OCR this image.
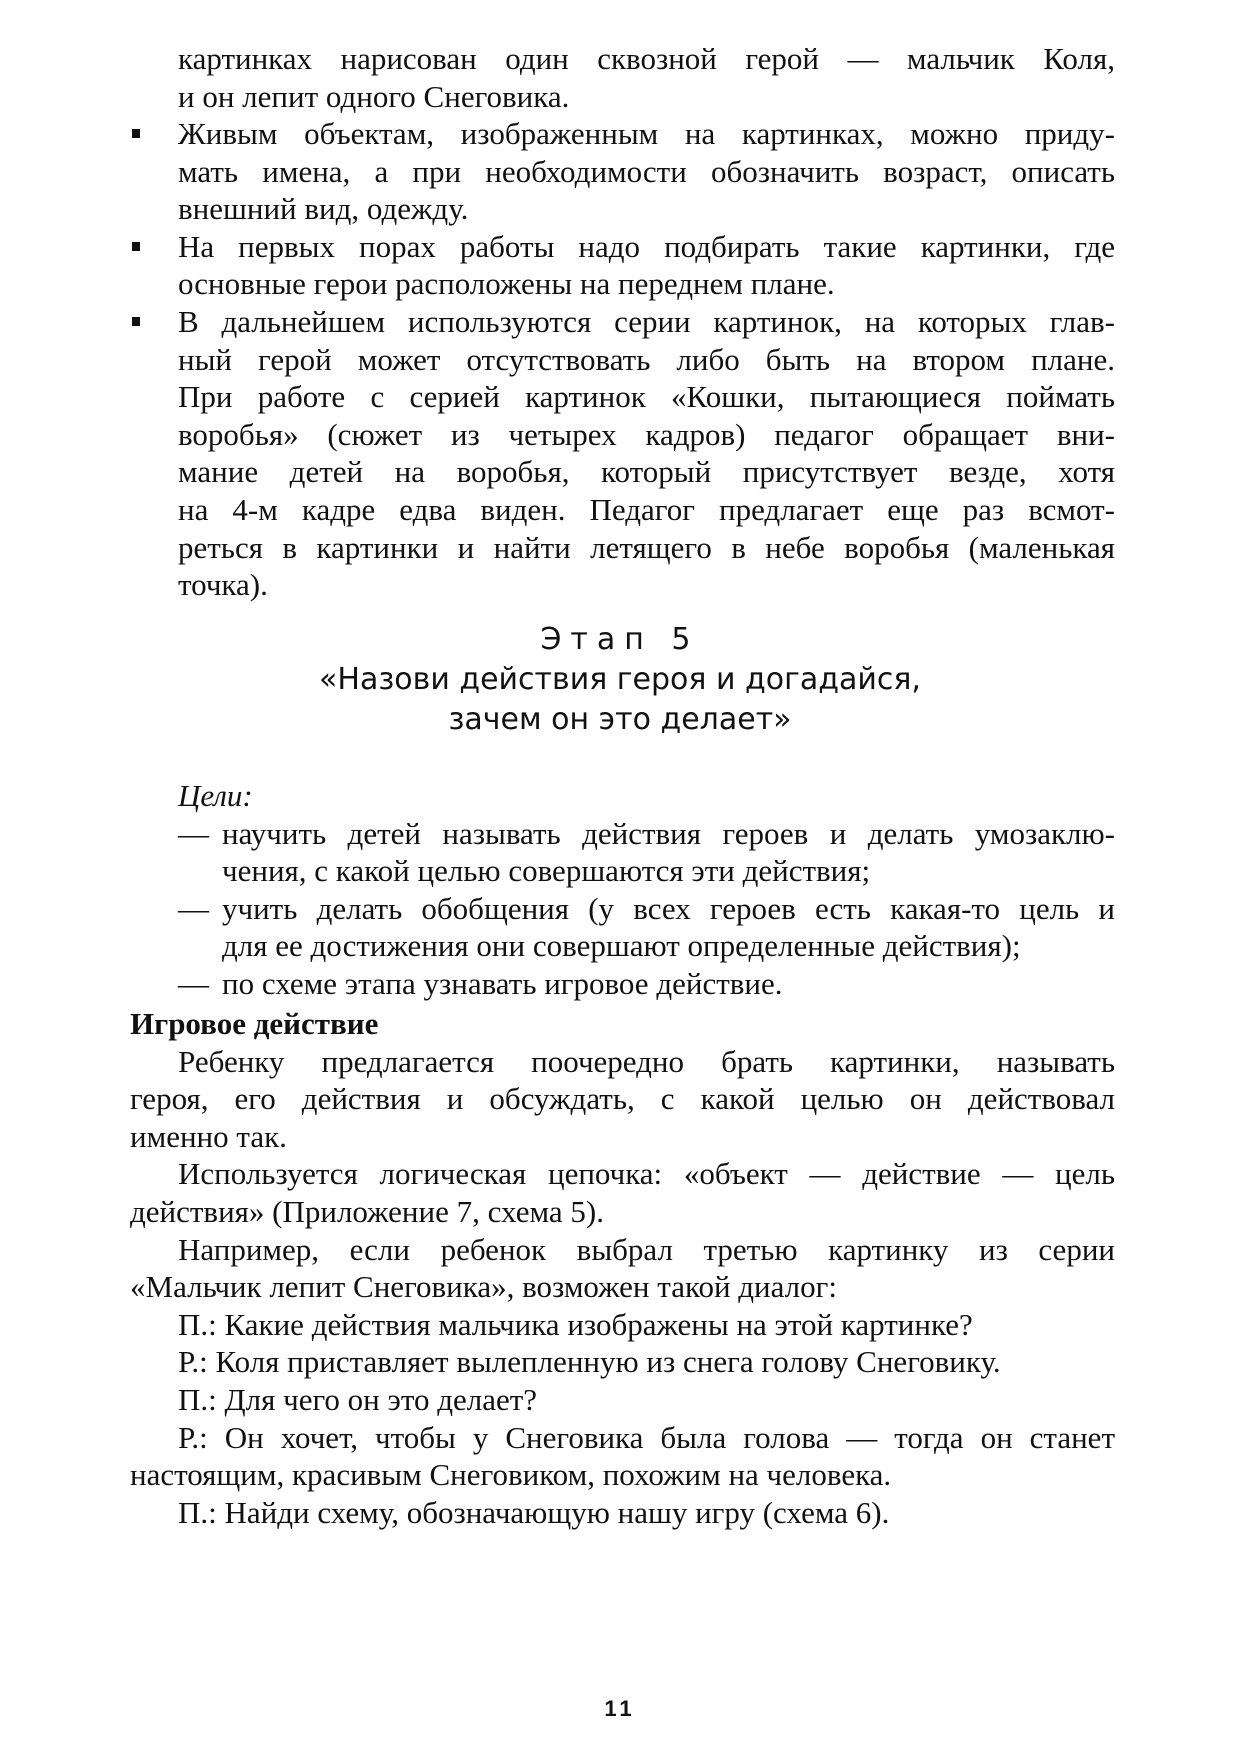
картинках нарисован один сквозной герой — мальчик Коля,
и он лепит одного Снеговика.
Живым объектам, изображенным на картинках, можно приду-
мать имена, а при необходимости обозначить возраст, описать
внешний вид, одежду.
На первых порах работы надо подбирать такие картинки, где
основные герои расположены на переднем плане.
В дальнейшем используются серии картинок, на которых глав-
ный герой может отсутствовать либо быть на втором плане.
При работе с серией картинок «Кошки, пытающиеся поймать
воробья» (сюжет из четырех кадров) педагог обращает вни-
мание детей на воробья, который присутствует везде, хотя
на 4-м кадре едва виден. Педагог предлагает еще раз всмот-
реться в картинки и найти летящего в небе воробья (маленькая
точка).
Этап 5
«Назови действия героя и догадайся,
зачем он это делает»
Цели:
научить детей называть действия героев и делать умозаклю-
—
чения, с какой целью совершаются эти действия;
учить делать обобщения (у всех героев есть какая-то цель и
—
для ее достижения они совершают определенные действия);
по схеме этапа узнавать игровое действие.
—
Игровое действие
Ребенку предлагается поочередно брать картинки, называть
героя, его действия и обсуждать, с какой целью он действовал
именно так.
Используется логическая цепочка: «объект — действие — цель
действия» (Приложение 7, схема 5).
Например, если ребенок выбрал третью картинку из серии
«Мальчик лепит Снеговика», возможен такой диалог:
П.: Какие действия мальчика изображены на этой картинке?
Р.: Коля приставляет вылепленную из снега голову Снеговику.
П.: Для чего он это делает?
Р.: Он хочет, чтобы у Снеговика была голова — тогда он станет
настоящим, красивым Снеговиком, похожим на человека.
П.: Найди схему, обозначающую нашу игру (схема 6).
11
